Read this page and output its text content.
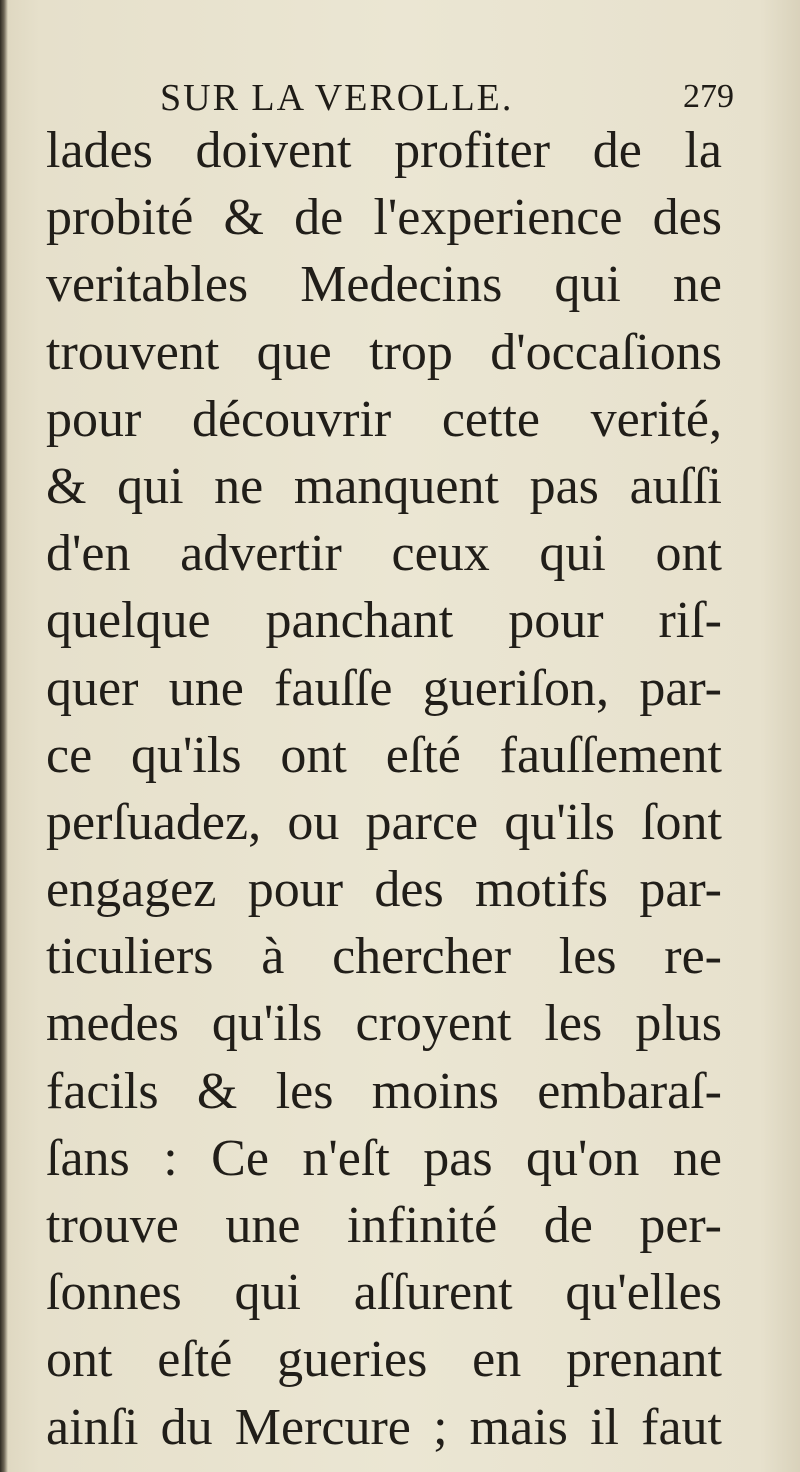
SUR LA VEROLLE.	279
lades doivent profiter de la
probité & de l'experience des
veritables Medecins qui ne
trouvent que trop d'occaſions
pour découvrir cette verité,
& qui ne manquent pas auſſi
d'en advertir ceux qui ont
quelque panchant pour riſ-
quer une fauſſe gueriſon, par-
ce qu'ils ont eſté fauſſement
perſuadez, ou parce qu'ils ſont
engagez pour des motifs par-
ticuliers à chercher les re-
medes qu'ils croyent les plus
facils & les moins embaraſ-
ſans : Ce n'eſt pas qu'on ne
trouve une infinité de per-
ſonnes qui aſſurent qu'elles
ont eſté gueries en prenant
ainſi du Mercure ; mais il faut
